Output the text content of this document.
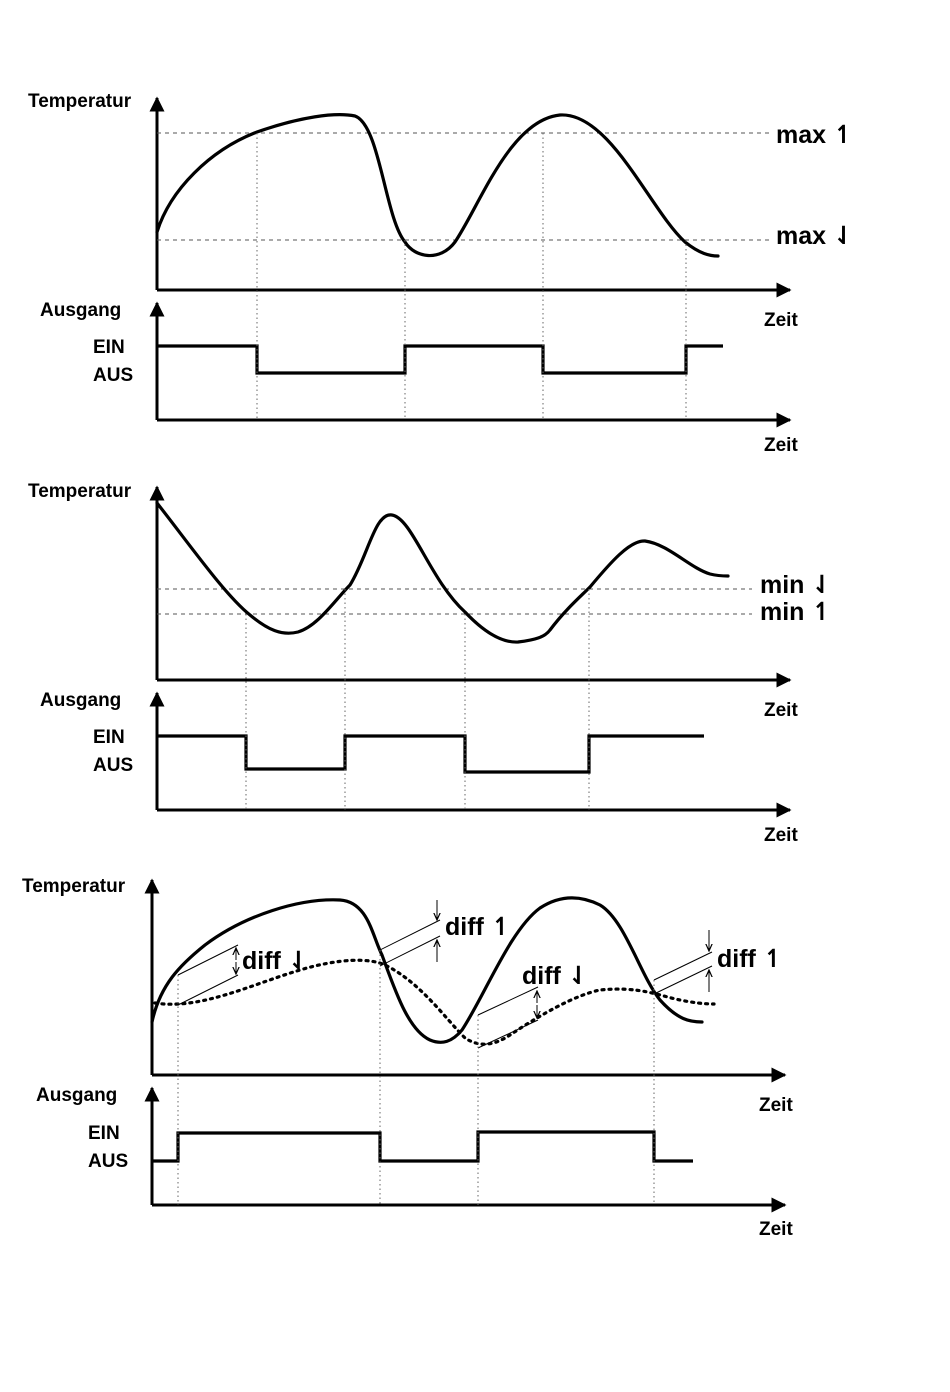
Temperatur
max ↿
max ⇃
Zeit
Ausgang
EIN
AUS
Zeit
Temperatur
min ⇃
min ↿
Zeit
Ausgang
EIN
AUS
Zeit
Temperatur
diff ⇃
diff ↿
diff ⇃
diff ↿
Zeit
Ausgang
EIN
AUS
Zeit
